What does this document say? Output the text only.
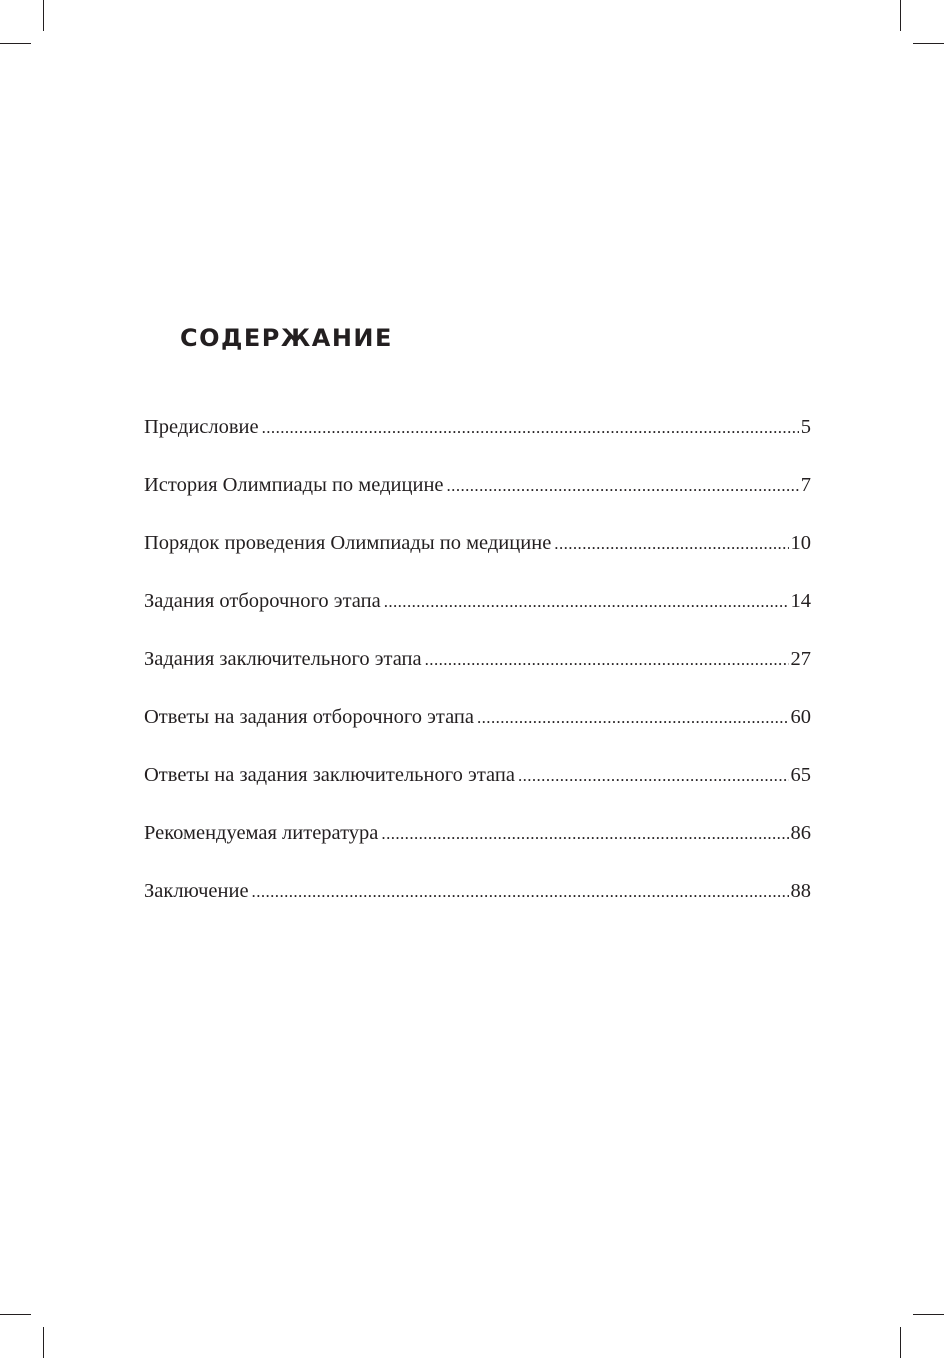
СОДЕРЖАНИЕ
Предисловие .....	5
История Олимпиады по медицине .....	7
Порядок проведения Олимпиады по медицине .....	10
Задания отборочного этапа .....	14
Задания заключительного этапа .....	27
Ответы на задания отборочного этапа .....	60
Ответы на задания заключительного этапа .....	65
Рекомендуемая литература .....	86
Заключение .....	88
